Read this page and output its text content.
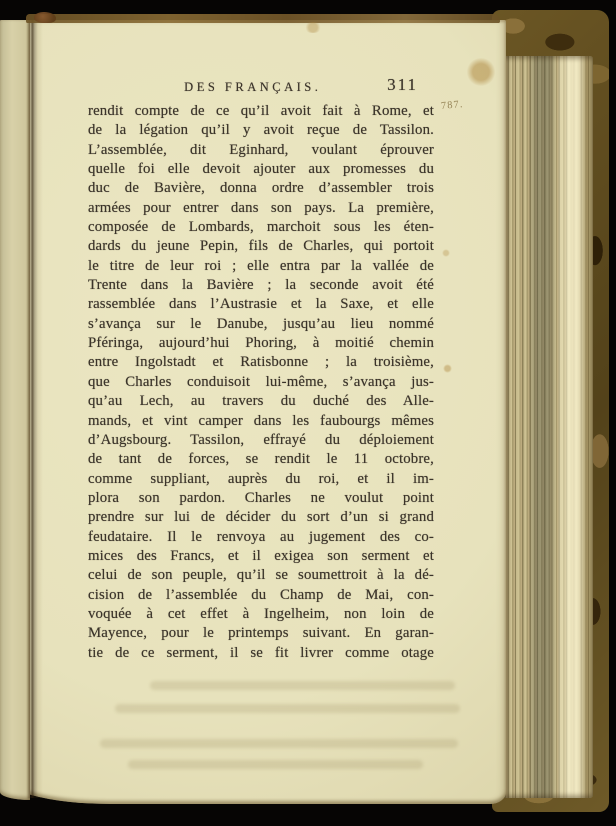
DES FRANÇAIS.	311
787.
rendit compte de ce qu’il avoit fait à Rome, et
de la légation qu’il y avoit reçue de Tassilon.
L’assemblée, dit Eginhard, voulant éprouver
quelle foi elle devoit ajouter aux promesses du
duc de Bavière, donna ordre d’assembler trois
armées pour entrer dans son pays. La première,
composée de Lombards, marchoit sous les éten-
dards du jeune Pepin, fils de Charles, qui portoit
le titre de leur roi ; elle entra par la vallée de
Trente dans la Bavière ; la seconde avoit été
rassemblée dans l’Austrasie et la Saxe, et elle
s’avança sur le Danube, jusqu’au lieu nommé
Pféringa, aujourd’hui Phoring, à moitié chemin
entre Ingolstadt et Ratisbonne ; la troisième,
que Charles conduisoit lui-même, s’avança jus-
qu’au Lech, au travers du duché des Alle-
mands, et vint camper dans les faubourgs mêmes
d’Augsbourg. Tassilon, effrayé du déploiement
de tant de forces, se rendit le 11 octobre,
comme suppliant, auprès du roi, et il im-
plora son pardon. Charles ne voulut point
prendre sur lui de décider du sort d’un si grand
feudataire. Il le renvoya au jugement des co-
mices des Francs, et il exigea son serment et
celui de son peuple, qu’il se soumettroit à la dé-
cision de l’assemblée du Champ de Mai, con-
voquée à cet effet à Ingelheim, non loin de
Mayence, pour le printemps suivant. En garan-
tie de ce serment, il se fit livrer comme otage
